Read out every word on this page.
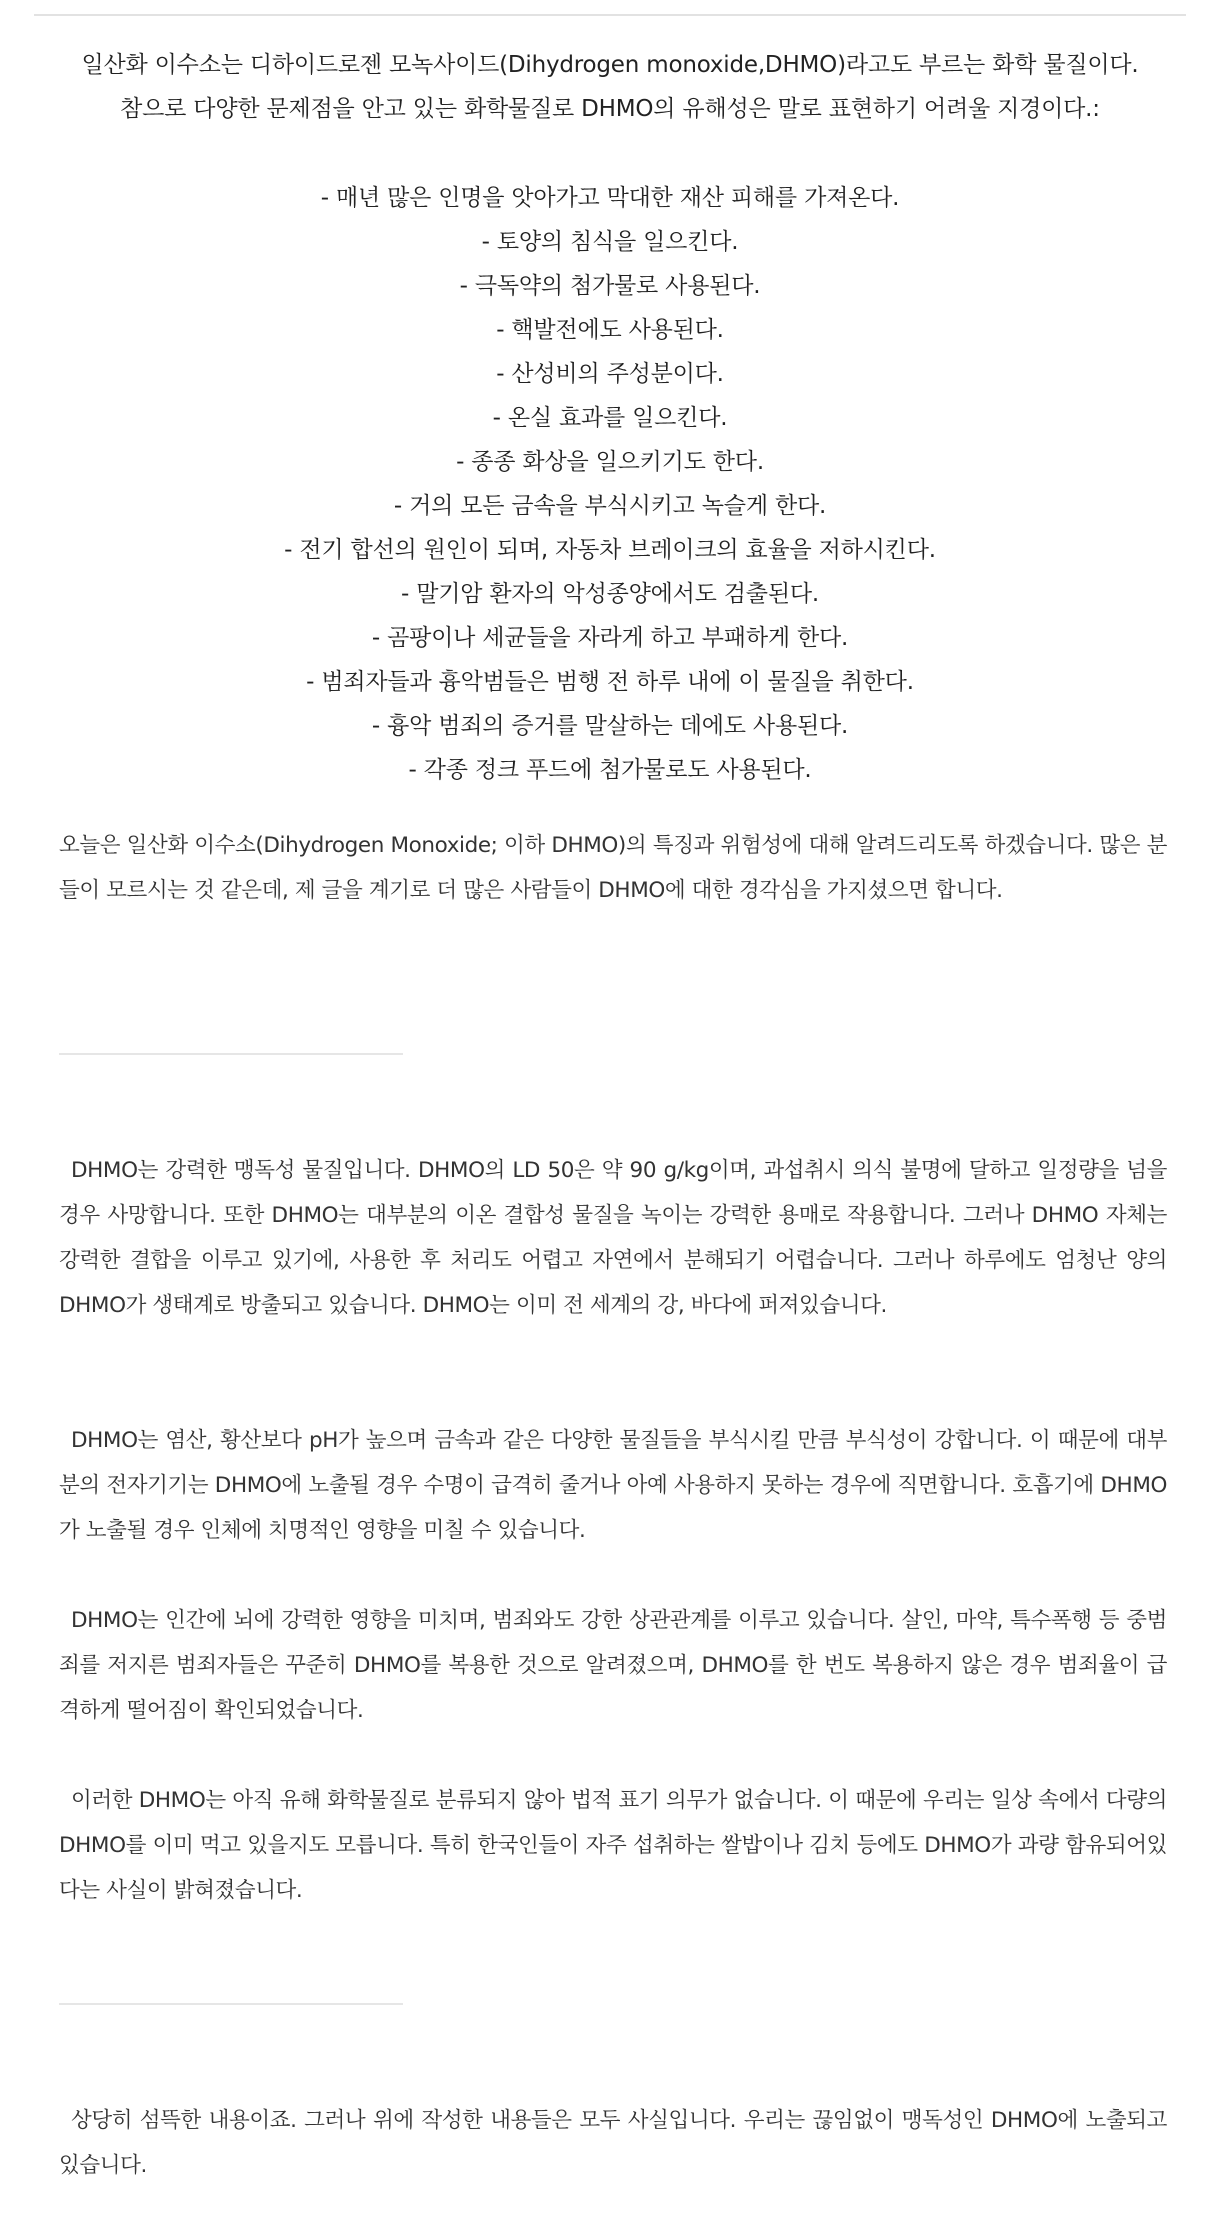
일산화 이수소는 디하이드로젠 모녹사이드(Dihydrogen monoxide,DHMO)라고도 부르는 화학 물질이다.

참으로 다양한 문제점을 안고 있는 화학물질로 DHMO의 유해성은 말로 표현하기 어려울 지경이다.:

- 매년 많은 인명을 앗아가고 막대한 재산 피해를 가져온다.
- 토양의 침식을 일으킨다.
- 극독약의 첨가물로 사용된다.
- 핵발전에도 사용된다.
- 산성비의 주성분이다.
- 온실 효과를 일으킨다.
- 종종 화상을 일으키기도 한다.
- 거의 모든 금속을 부식시키고 녹슬게 한다.
- 전기 합선의 원인이 되며, 자동차 브레이크의 효율을 저하시킨다.
- 말기암 환자의 악성종양에서도 검출된다.
- 곰팡이나 세균들을 자라게 하고 부패하게 한다.
- 범죄자들과 흉악범들은 범행 전 하루 내에 이 물질을 취한다.
- 흉악 범죄의 증거를 말살하는 데에도 사용된다.
- 각종 정크 푸드에 첨가물로도 사용된다.

오늘은 일산화 이수소(Dihydrogen Monoxide; 이하 DHMO)의 특징과 위험성에 대해 알려드리도록 하겠습니다. 많은 분들이 모르시는 것 같은데, 제 글을 계기로 더 많은 사람들이 DHMO에 대한 경각심을 가지셨으면 합니다.

DHMO는 강력한 맹독성 물질입니다. DHMO의 LD 50은 약 90 g/kg이며, 과섭취시 의식 불명에 달하고 일정량을 넘을 경우 사망합니다. 또한 DHMO는 대부분의 이온 결합성 물질을 녹이는 강력한 용매로 작용합니다. 그러나 DHMO 자체는 강력한 결합을 이루고 있기에, 사용한 후 처리도 어렵고 자연에서 분해되기 어렵습니다. 그러나 하루에도 엄청난 양의 DHMO가 생태계로 방출되고 있습니다. DHMO는 이미 전 세계의 강, 바다에 퍼져있습니다.

DHMO는 염산, 황산보다 pH가 높으며 금속과 같은 다양한 물질들을 부식시킬 만큼 부식성이 강합니다. 이 때문에 대부분의 전자기기는 DHMO에 노출될 경우 수명이 급격히 줄거나 아예 사용하지 못하는 경우에 직면합니다. 호흡기에 DHMO가 노출될 경우 인체에 치명적인 영향을 미칠 수 있습니다.

DHMO는 인간에 뇌에 강력한 영향을 미치며, 범죄와도 강한 상관관계를 이루고 있습니다. 살인, 마약, 특수폭행 등 중범죄를 저지른 범죄자들은 꾸준히 DHMO를 복용한 것으로 알려졌으며, DHMO를 한 번도 복용하지 않은 경우 범죄율이 급격하게 떨어짐이 확인되었습니다.

이러한 DHMO는 아직 유해 화학물질로 분류되지 않아 법적 표기 의무가 없습니다. 이 때문에 우리는 일상 속에서 다량의 DHMO를 이미 먹고 있을지도 모릅니다. 특히 한국인들이 자주 섭취하는 쌀밥이나 김치 등에도 DHMO가 과량 함유되어있다는 사실이 밝혀졌습니다.

상당히 섬뜩한 내용이죠. 그러나 위에 작성한 내용들은 모두 사실입니다. 우리는 끊임없이 맹독성인 DHMO에 노출되고 있습니다.
